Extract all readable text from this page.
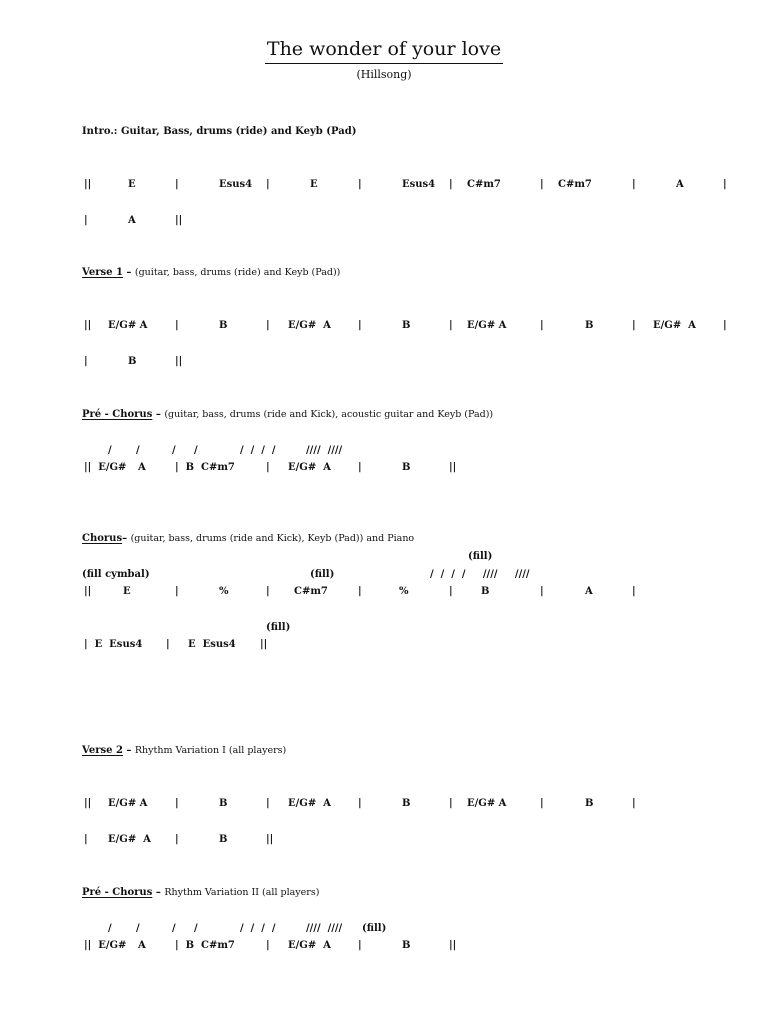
The wonder of your love
(Hillsong)
Intro.: Guitar, Bass, drums (ride) and Keyb (Pad)
||	E	|	Esus4 |	E	|	Esus4 | C#m7	| C#m7	|	A	|
|	A	||
Verse 1 – (guitar, bass, drums (ride) and Keyb (Pad))
|| E/G# A	|	B	| E/G#  A	|	B	| E/G# A	|	B	| E/G#  A	|
|	B	||
Pré - Chorus – (guitar, bass, drums (ride and Kick), acoustic guitar and Keyb (Pad))
/ /	/ /	/  /  /  /	////  ////
||  E/G# A	|  B  C#m7	| E/G#  A	|	B	||
Chorus– (guitar, bass, drums (ride and Kick), Keyb (Pad)) and Piano
(fill)
(fill cymbal)	(fill)	/  /  /  /     ////     ////
||	E	|	%	| C#m7	|	%	|	B	|	A	|
(fill)
|  E  Esus4 | E  Esus4 ||
Verse 2 – Rhythm Variation I (all players)
|| E/G# A	|	B	| E/G#  A	|	B	| E/G# A	|	B	|
| E/G#  A |	B	||
Pré - Chorus – Rhythm Variation II (all players)
/ /	/ /	/  /  /  /	////  //// (fill)
||  E/G# A	|  B  C#m7	| E/G#  A	|	B	||
